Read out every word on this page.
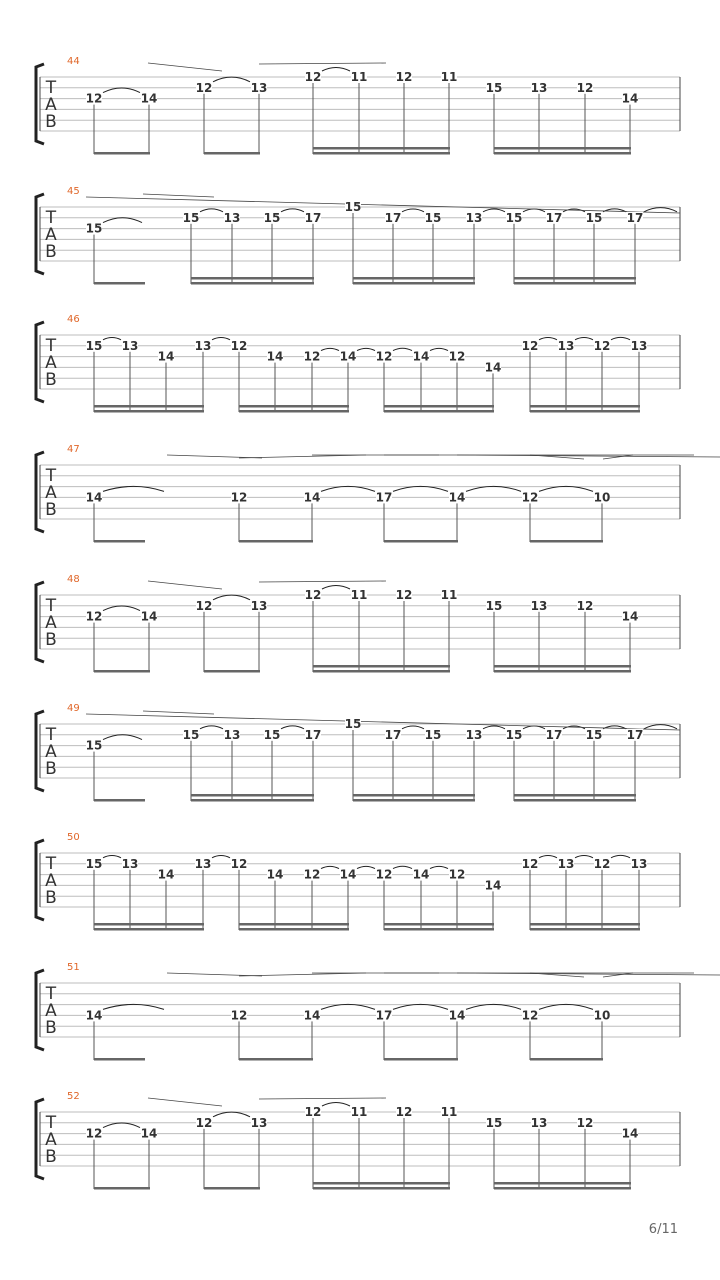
44
T
A
B
12	14
12	13
12 11 12 11
15 13 12
14
45
T
A
B
15
15 13 15 17
15
17 15 13 15 17 15 17
46
T
A
B
15 13
14
13 12
14 12 14 12 14 12
14
12 13 12 13
47
T
A
B
14	12	14	17	14	12	10
48
T
A
B
12	14
12	13
12 11 12 11
15 13 12
14
49
T
A
B
15
15 13 15 17
15
17 15 13 15 17 15 17
50
T
A
B
15 13
14
13 12
14 12 14 12 14 12
14
12 13 12 13
51
T
A
B
14	12	14	17	14	12	10
52
T
A
B
12	14
12	13
12 11 12 11
15 13 12
14
6/11
